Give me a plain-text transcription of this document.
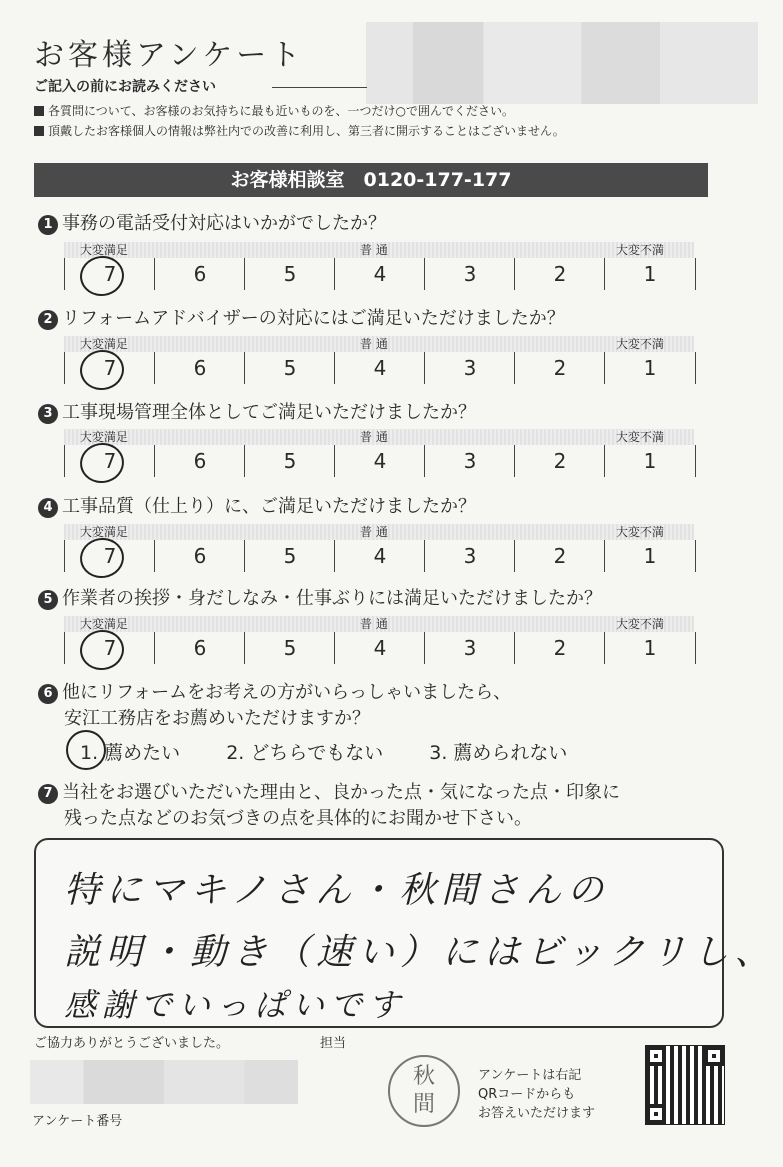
お客様アンケート
ご記入の前にお読みください
各質問について、お客様のお気持ちに最も近いものを、一つだけ○で囲んでください。
頂戴したお客様個人の情報は弊社内での改善に利用し、第三者に開示することはございません。
お客様相談室　0120-177-177
1 事務の電話受付対応はいかがでしたか？
大変満足	普 通	大変不満
7	6	5	4	3	2	1
2 リフォームアドバイザーの対応にはご満足いただけましたか？
大変満足	普 通	大変不満
7	6	5	4	3	2	1
3 工事現場管理全体としてご満足いただけましたか？
大変満足	普 通	大変不満
7	6	5	4	3	2	1
4 工事品質（仕上り）に、ご満足いただけましたか？
大変満足	普 通	大変不満
7	6	5	4	3	2	1
5 作業者の挨拶・身だしなみ・仕事ぶりには満足いただけましたか？
大変満足	普 通	大変不満
7	6	5	4	3	2	1
6 他にリフォームをお考えの方がいらっしゃいましたら、
安江工務店をお薦めいただけますか？
1. 薦めたい 2. どちらでもない 3. 薦められない
7 当社をお選びいただいた理由と、良かった点・気になった点・印象に
残った点などのお気づきの点を具体的にお聞かせ下さい。
特にマキノさん・秋間さんの
説明・動き（速い）にはビックリし、
感謝でいっぱいです
ご協力ありがとうございました。	担当
アンケート番号
秋
間
アンケートは右記
QRコードからも
お答えいただけます
